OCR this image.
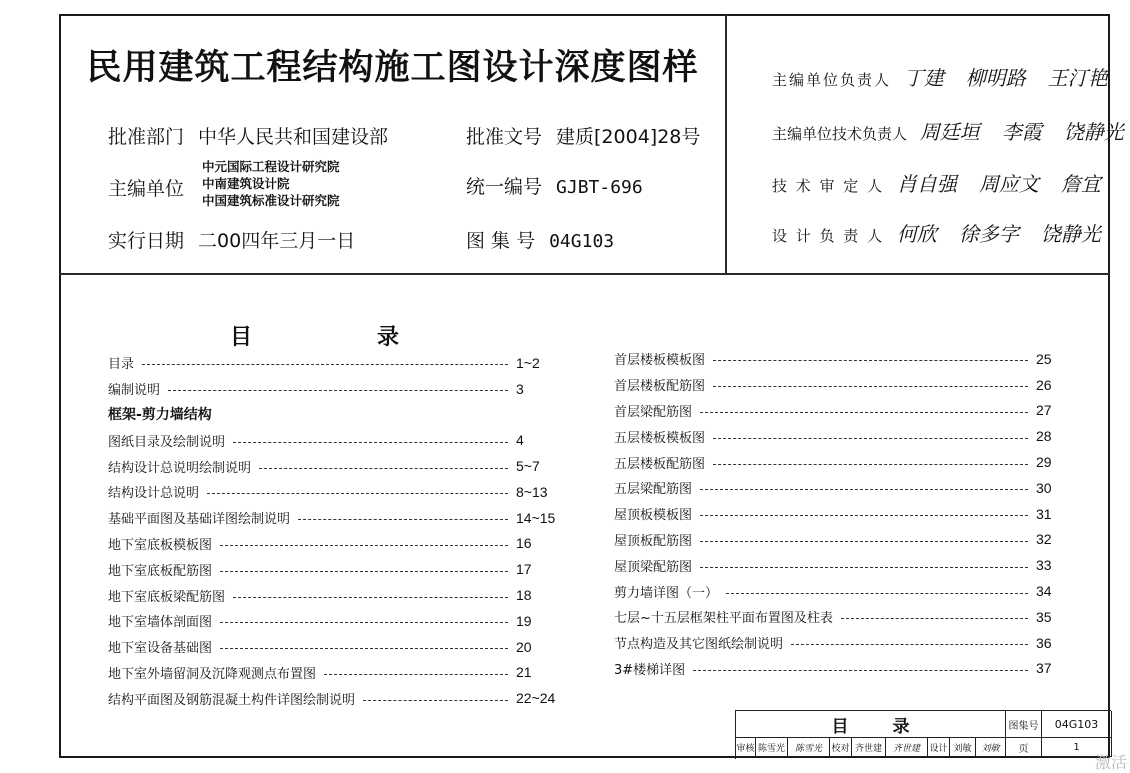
民用建筑工程结构施工图设计深度图样
批准部门 中华人民共和国建设部	批准文号 建质[2004]28号
主编单位
中元国际工程设计研究院
中南建筑设计院
中国建筑标准设计研究院
统一编号 GJBT-696
实行日期 二00四年三月一日	图 集 号 04G103
主编单位负责人 丁建 柳明路 王汀艳
主编单位技术负责人 周廷垣 李霞 饶静光
技 术 审 定 人 肖自强 周应文 詹宜
设 计 负 责 人 何欣 徐多字 饶静光
目	录
目录	1~2
编制说明	3
框架-剪力墙结构
图纸目录及绘制说明	4
结构设计总说明绘制说明	5~7
结构设计总说明	8~13
基础平面图及基础详图绘制说明	14~15
地下室底板模板图	16
地下室底板配筋图	17
地下室底板梁配筋图	18
地下室墙体剖面图	19
地下室设备基础图	20
地下室外墙留洞及沉降观测点布置图	21
结构平面图及钢筋混凝土构件详图绘制说明	22~24
首层楼板模板图	25
首层楼板配筋图	26
首层梁配筋图	27
五层楼板模板图	28
五层楼板配筋图	29
五层梁配筋图	30
屋顶板模板图	31
屋顶板配筋图	32
屋顶梁配筋图	33
剪力墙详图（一）	34
七层~十五层框架柱平面布置图及柱表	35
节点构造及其它图纸绘制说明	36
3#楼梯详图	37
目	录	图集号	04G103
审核 陈雪光	陈雪光	校对 齐世建	齐世建	设计 刘敏	刘敏	页	1
激活
